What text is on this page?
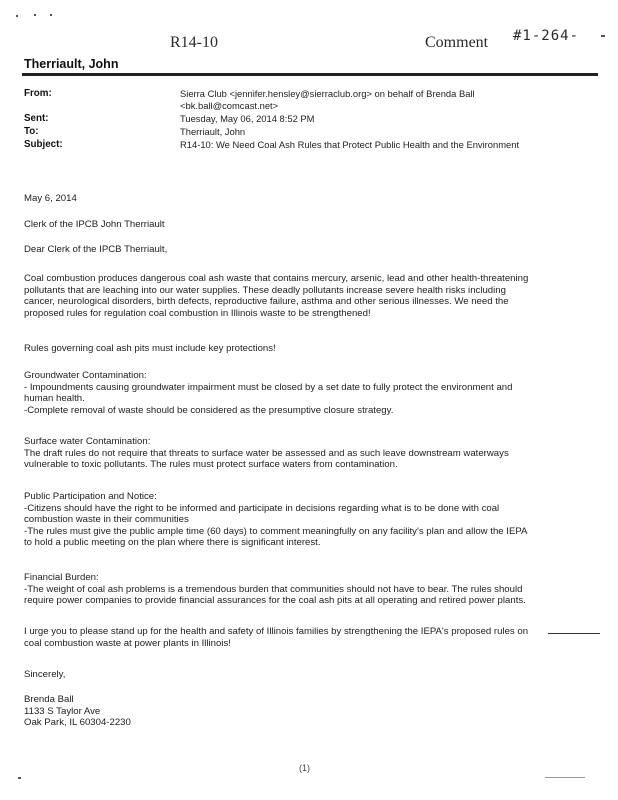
R14-10	Comment #1-264-
Therriault, John
From:	Sierra Club <jennifer.hensley@sierraclub.org> on behalf of Brenda Ball
<bk.ball@comcast.net>
Sent:	Tuesday, May 06, 2014 8:52 PM
To:	Therriault, John
Subject:	R14-10: We Need Coal Ash Rules that Protect Public Health and the Environment
May 6, 2014
Clerk of the IPCB John Therriault
Dear Clerk of the IPCB Therriault,
Coal combustion produces dangerous coal ash waste that contains mercury, arsenic, lead and other health-threatening
pollutants that are leaching into our water supplies. These deadly pollutants increase severe health risks including
cancer, neurological disorders, birth defects, reproductive failure, asthma and other serious illnesses. We need the
proposed rules for regulation coal combustion in Illinois waste to be strengthened!
Rules governing coal ash pits must include key protections!
Groundwater Contamination:
- Impoundments causing groundwater impairment must be closed by a set date to fully protect the environment and
human health.
-Complete removal of waste should be considered as the presumptive closure strategy.
Surface water Contamination:
The draft rules do not require that threats to surface water be assessed and as such leave downstream waterways
vulnerable to toxic pollutants. The rules must protect surface waters from contamination.
Public Participation and Notice:
-Citizens should have the right to be informed and participate in decisions regarding what is to be done with coal
combustion waste in their communities
-The rules must give the public ample time (60 days) to comment meaningfully on any facility's plan and allow the IEPA
to hold a public meeting on the plan where there is significant interest.
Financial Burden:
-The weight of coal ash problems is a tremendous burden that communities should not have to bear. The rules should
require power companies to provide financial assurances for the coal ash pits at all operating and retired power plants.
I urge you to please stand up for the health and safety of Illinois families by strengthening the IEPA's proposed rules on
coal combustion waste at power plants in Illinois!
Sincerely,
Brenda Ball
1133 S Taylor Ave
Oak Park, IL 60304-2230
(1)
